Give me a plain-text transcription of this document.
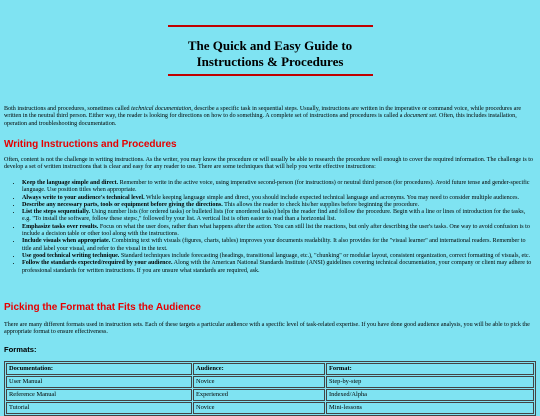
The Quick and Easy Guide to
Instructions & Procedures

Both instructions and procedures, sometimes called technical documentation, describe a specific task in sequential steps. Usually, instructions are written in the imperative or command voice, while procedures are written in the neutral third person. Either way, the reader is looking for directions on how to do something. A complete set of instructions and procedures is called a document set. Often, this includes installation, operation and troubleshooting documentation.

Writing Instructions and Procedures

Often, content is not the challenge in writing instructions. As the writer, you may know the procedure or will usually be able to research the procedure well enough to cover the required information. The challenge is to develop a set of written instructions that is clear and easy for any reader to use. There are some techniques that will help you write effective instructions:

• Keep the language simple and direct. Remember to write in the active voice, using imperative second-person (for instructions) or neutral third person (for procedures). Avoid future tense and gender-specific language. Use position titles when appropriate.
• Always write to your audience's technical level. While keeping language simple and direct, you should include expected technical language and acronyms. You may need to consider multiple audiences.
• Describe any necessary parts, tools or equipment before giving the directions. This allows the reader to check his/her supplies before beginning the procedure.
• List the steps sequentially. Using number lists (for ordered tasks) or bulleted lists (for unordered tasks) helps the reader find and follow the procedure. Begin with a line or lines of introduction for the tasks, e.g. "To install the software, follow these steps:," followed by your list. A vertical list is often easier to read than a horizontal list.
• Emphasize tasks over results. Focus on what the user does, rather than what happens after the action. You can still list the reactions, but only after describing the user's tasks. One way to avoid confusion is to include a decision table or other tool along with the instructions.
• Include visuals when appropriate. Combining text with visuals (figures, charts, tables) improves your documents readability. It also provides for the "visual learner" and international readers. Remember to title and label your visual, and refer to the visual in the text.
• Use good technical writing technique. Standard techniques include forecasting (headings, transitional language, etc.), "chunking" or modular layout, consistent organization, correct formatting of visuals, etc.
• Follow the standards expected/required by your audience. Along with the American National Standards Institute (ANSI) guidelines covering technical documentation, your company or client may adhere to professional standards for written instructions. If you are unsure what standards are required, ask.
Picking the Format that Fits the Audience

There are many different formats used in instruction sets. Each of these targets a particular audience with a specific level of task-related expertise. If you have done good audience analysis, you will be able to pick the appropriate format to ensure effectiveness.

Formats:
Documentation:	Audience:	Format:
User Manual	Novice	Step-by-step
Reference Manual	Experienced	Indexed/Alpha
Tutorial	Novice	Mini-lessons
